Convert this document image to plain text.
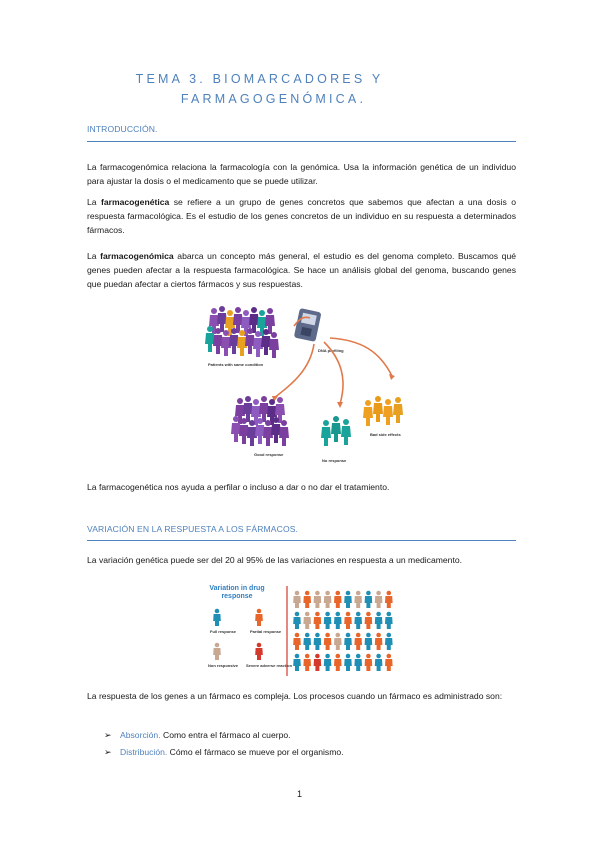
TEMA 3. BIOMARCADORES Y
FARMAGOGENÓMICA.
INTRODUCCIÓN.
La farmacogenómica relaciona la farmacología con la genómica. Usa la información genética de un individuo para ajustar la dosis o el medicamento que se puede utilizar.
La farmacogenética se refiere a un grupo de genes concretos que sabemos que afectan a una dosis o respuesta farmacológica. Es el estudio de los genes concretos de un individuo en su respuesta a determinados fármacos.
La farmacogenómica abarca un concepto más general, el estudio es del genoma completo. Buscamos qué genes pueden afectar a la respuesta farmacológica. Se hace un análisis global del genoma, buscando genes que puedan afectar a ciertos fármacos y sus respuestas.
Patients with same condition
DNA profiling
Good response
No response
Bad side effects
La farmacogenética nos ayuda a perfilar o incluso a dar o no dar el tratamiento.
VARIACIÓN EN LA RESPUESTA A LOS FÁRMACOS.
La variación genética puede ser del 20 al 95% de las variaciones en respuesta a un medicamento.
Variation in drug response
Full response	Partial response
Non responsive Severe adverse reaction
La respuesta de los genes a un fármaco es compleja. Los procesos cuando un fármaco es administrado son:
➢ Absorción. Como entra el fármaco al cuerpo.
➢ Distribución. Cómo el fármaco se mueve por el organismo.
1
